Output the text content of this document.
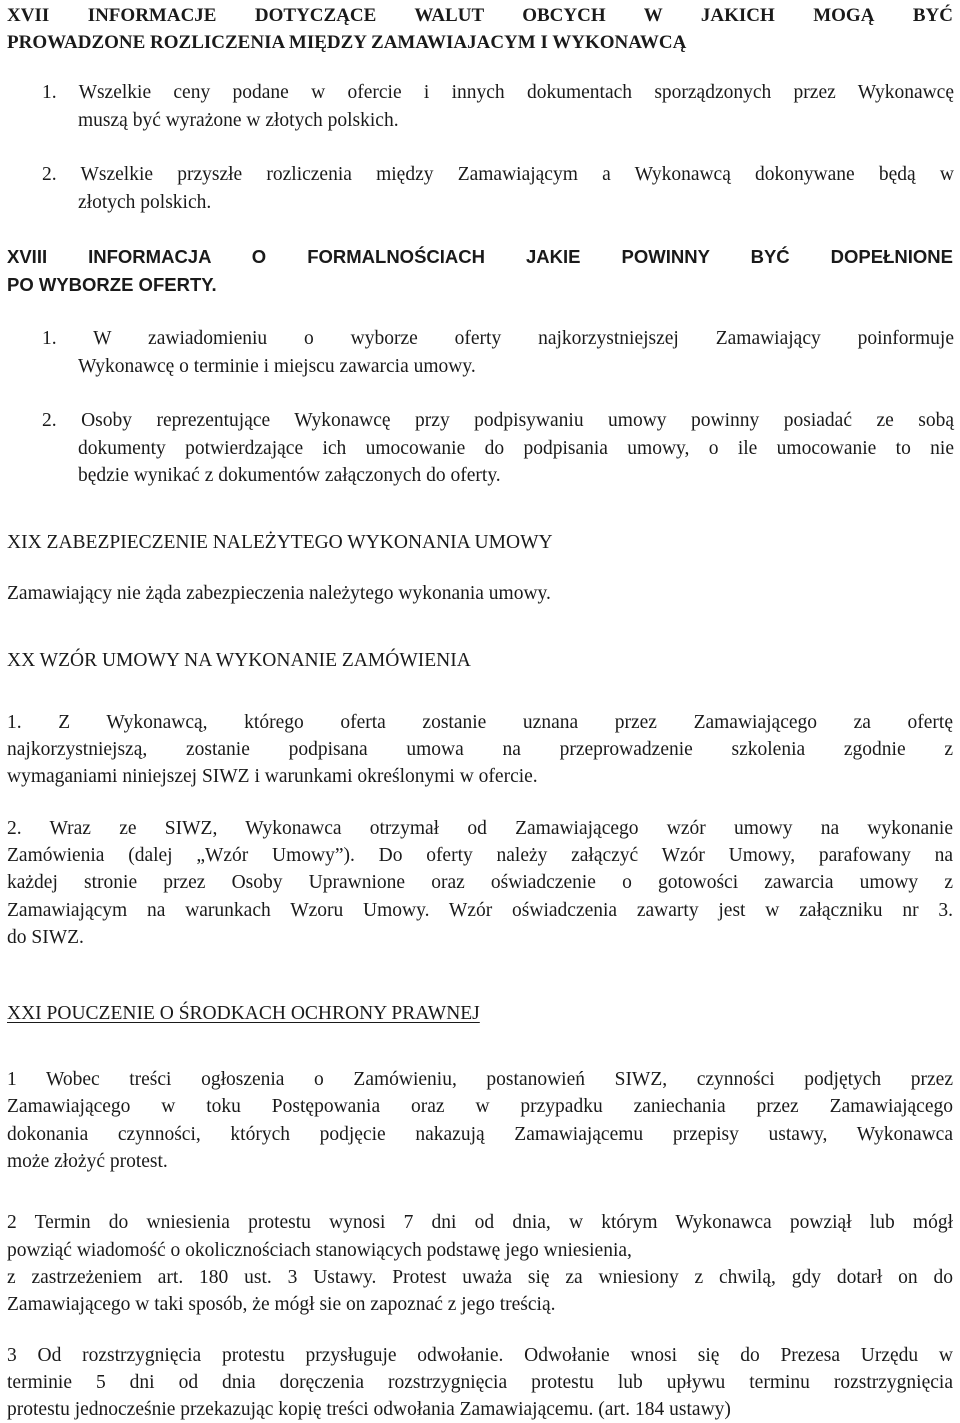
XVII INFORMACJE DOTYCZĄCE WALUT OBCYCH W JAKICH MOGĄ BYĆ
PROWADZONE ROZLICZENIA MIĘDZY ZAMAWIAJACYM I WYKONAWCĄ
1. Wszelkie ceny podane w ofercie i innych dokumentach sporządzonych przez Wykonawcę
muszą być wyrażone w złotych polskich.
2. Wszelkie przyszłe rozliczenia między Zamawiającym a Wykonawcą dokonywane będą w
złotych polskich.
XVIII INFORMACJA O FORMALNOŚCIACH JAKIE POWINNY BYĆ DOPEŁNIONE
PO WYBORZE OFERTY.
1. W zawiadomieniu o wyborze oferty najkorzystniejszej Zamawiający poinformuje
Wykonawcę o terminie i miejscu zawarcia umowy.
2. Osoby reprezentujące Wykonawcę przy podpisywaniu umowy powinny posiadać ze sobą
dokumenty potwierdzające ich umocowanie do podpisania umowy, o ile umocowanie to nie
będzie wynikać z dokumentów załączonych do oferty.
XIX ZABEZPIECZENIE NALEŻYTEGO WYKONANIA UMOWY
Zamawiający nie żąda zabezpieczenia należytego wykonania umowy.
XX WZÓR UMOWY NA WYKONANIE ZAMÓWIENIA
1. Z Wykonawcą, którego oferta zostanie uznana przez Zamawiającego za ofertę
najkorzystniejszą, zostanie podpisana umowa na przeprowadzenie szkolenia zgodnie z
wymaganiami niniejszej SIWZ i warunkami określonymi w ofercie.
2. Wraz ze SIWZ, Wykonawca otrzymał od Zamawiającego wzór umowy na wykonanie
Zamówienia (dalej „Wzór Umowy”). Do oferty należy załączyć Wzór Umowy, parafowany na
każdej stronie przez Osoby Uprawnione oraz oświadczenie o gotowości zawarcia umowy z
Zamawiającym na warunkach Wzoru Umowy. Wzór oświadczenia zawarty jest w załączniku nr 3.
do SIWZ.
XXI POUCZENIE O ŚRODKACH OCHRONY PRAWNEJ
1 Wobec treści ogłoszenia o Zamówieniu, postanowień SIWZ, czynności podjętych przez
Zamawiającego w toku Postępowania oraz w przypadku zaniechania przez Zamawiającego
dokonania czynności, których podjęcie nakazują Zamawiającemu przepisy ustawy, Wykonawca
może złożyć protest.
2 Termin do wniesienia protestu wynosi 7 dni od dnia, w którym Wykonawca powziął lub mógł
powziąć wiadomość o okolicznościach stanowiących podstawę jego wniesienia,
z zastrzeżeniem art. 180 ust. 3 Ustawy. Protest uważa się za wniesiony z chwilą, gdy dotarł on do
Zamawiającego w taki sposób, że mógł sie on zapoznać z jego treścią.
3 Od rozstrzygnięcia protestu przysługuje odwołanie. Odwołanie wnosi się do Prezesa Urzędu w
terminie 5 dni od dnia doręczenia rozstrzygnięcia protestu lub upływu terminu rozstrzygnięcia
protestu jednocześnie przekazując kopię treści odwołania Zamawiającemu. (art. 184 ustawy)
